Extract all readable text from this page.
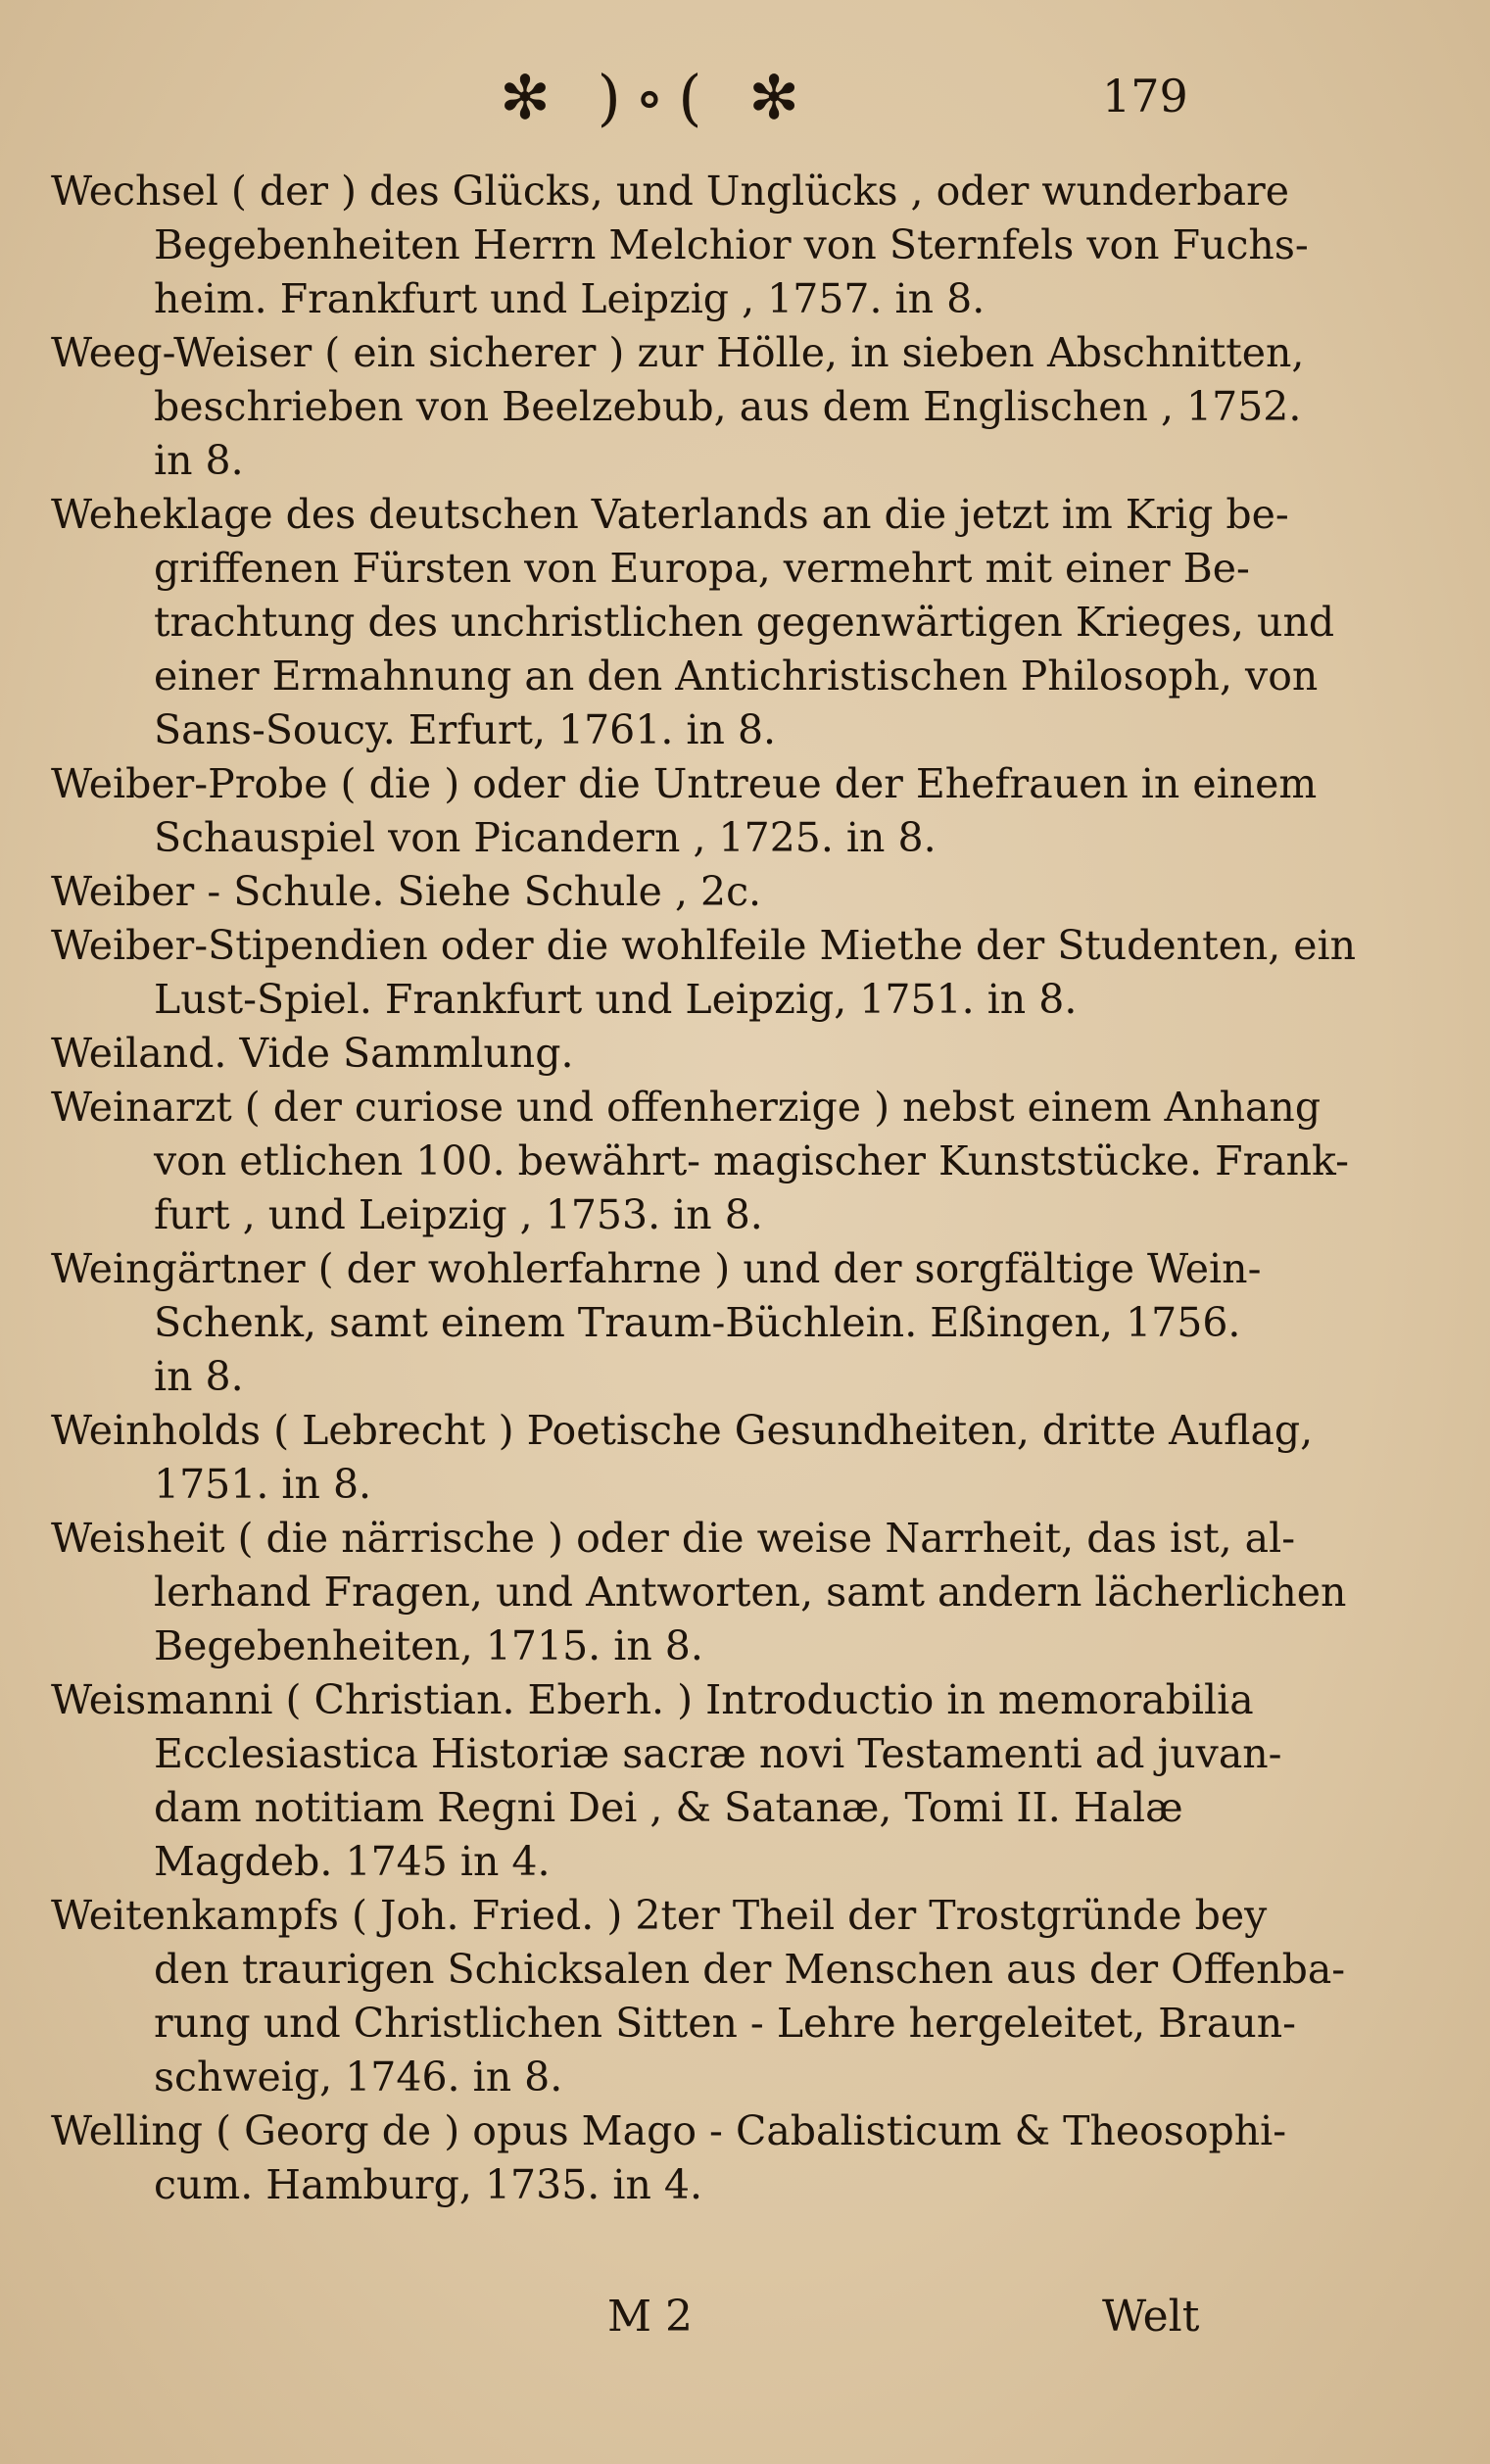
✻ )∘( ✻	179
Wechsel ( der ) des Glücks, und Unglücks , oder wunderbare
Begebenheiten Herrn Melchior von Sternfels von Fuchs-
heim. Frankfurt und Leipzig , 1757. in 8.
Weeg-Weiser ( ein sicherer ) zur Hölle, in sieben Abschnitten,
beschrieben von Beelzebub, aus dem Englischen , 1752.
in 8.
Weheklage des deutschen Vaterlands an die jetzt im Krig be-
griffenen Fürsten von Europa, vermehrt mit einer Be-
trachtung des unchristlichen gegenwärtigen Krieges, und
einer Ermahnung an den Antichristischen Philosoph, von
Sans-Soucy. Erfurt, 1761. in 8.
Weiber-Probe ( die ) oder die Untreue der Ehefrauen in einem
Schauspiel von Picandern , 1725. in 8.
Weiber - Schule. Siehe Schule , 2c.
Weiber-Stipendien oder die wohlfeile Miethe der Studenten, ein
Lust-Spiel. Frankfurt und Leipzig, 1751. in 8.
Weiland. Vide Sammlung.
Weinarzt ( der curiose und offenherzige ) nebst einem Anhang
von etlichen 100. bewährt- magischer Kunststücke. Frank-
furt , und Leipzig , 1753. in 8.
Weingärtner ( der wohlerfahrne ) und der sorgfältige Wein-
Schenk, samt einem Traum-Büchlein. Eßingen, 1756.
in 8.
Weinholds ( Lebrecht ) Poetische Gesundheiten, dritte Auflag,
1751. in 8.
Weisheit ( die närrische ) oder die weise Narrheit, das ist, al-
lerhand Fragen, und Antworten, samt andern lächerlichen
Begebenheiten, 1715. in 8.
Weismanni ( Christian. Eberh. ) Introductio in memorabilia
Ecclesiastica Historiæ sacræ novi Testamenti ad juvan-
dam notitiam Regni Dei , & Satanæ, Tomi II. Halæ
Magdeb. 1745 in 4.
Weitenkampfs ( Joh. Fried. ) 2ter Theil der Trostgründe bey
den traurigen Schicksalen der Menschen aus der Offenba-
rung und Christlichen Sitten - Lehre hergeleitet, Braun-
schweig, 1746. in 8.
Welling ( Georg de ) opus Mago - Cabalisticum & Theosophi-
cum. Hamburg, 1735. in 4.
M 2	Welt
